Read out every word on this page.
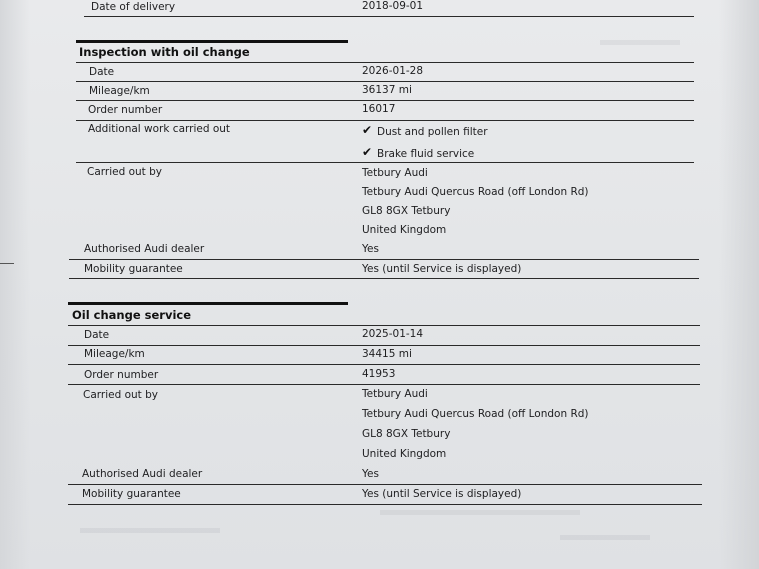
Date of delivery	2018-09-01
Inspection with oil change
Date	2026-01-28
Mileage/km	36137 mi
Order number	16017
Additional work carried out	✔ Dust and pollen filter
✔ Brake fluid service
Carried out by	Tetbury Audi
Tetbury Audi Quercus Road (off London Rd)
GL8 8GX Tetbury
United Kingdom
Authorised Audi dealer	Yes
Mobility guarantee	Yes (until Service is displayed)
Oil change service
Date	2025-01-14
Mileage/km	34415 mi
Order number	41953
Carried out by	Tetbury Audi
Tetbury Audi Quercus Road (off London Rd)
GL8 8GX Tetbury
United Kingdom
Authorised Audi dealer	Yes
Mobility guarantee	Yes (until Service is displayed)
